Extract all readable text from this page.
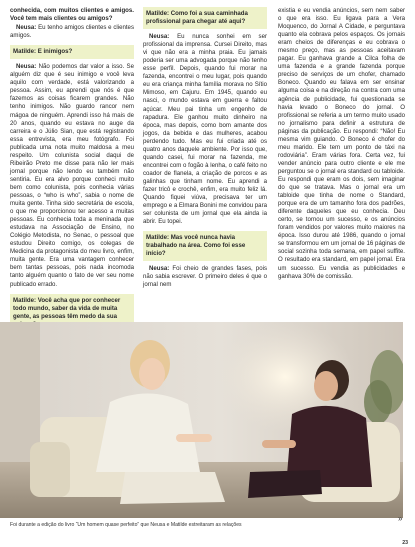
conhecida, com muitos clientes e amigos. Você tem mais clientes ou amigos?

Neusa: Eu tenho amigos clientes e clientes amigos.

Matilde: E inimigos?

Neusa: Não podemos dar valor a isso. Se alguém diz que é seu inimigo e você leva aquilo com verdade, está valorizando a pessoa. Assim, eu aprendi que nós é que fazemos as coisas ficarem grandes. Não tenho inimigos. Não guardo rancor nem mágoa de ninguém. Aprendi isso há mais de 20 anos, quando eu estava no auge da carreira e o Júlio Sian, que está registrando essa entrevista, era meu fotógrafo. Foi publicada uma nota muito maldosa a meu respeito. Um colunista social daqui de Ribeirão Preto me disse para não ler mais jornal porque não lendo eu também não sentiria. Eu era alvo porque conheci muito bem como colunista, pois conhecia várias pessoas, o “who is who”, sabia o nome de muita gente. Tinha sido secretária de escola, o que me proporcionou ter acesso a muitas pessoas. Eu conhecia toda a meninada que estudava na Associação de Ensino, no Colégio Metodista, no Senac, o pessoal que estudou Direito comigo, os colegas de Medicina da protagonista do meu livro, enfim, muita gente. Era uma vantagem conhecer bem tantas pessoas, pois nada incomoda tanto alguém quanto o fato de ver seu nome publicado errado.

Matilde: Você acha que por conhecer todo mundo, saber da vida de muita gente, as pessoas têm medo da sua

Matilde: Como foi a sua caminhada profissional para chegar até aqui?

Neusa: Eu nunca sonhei em ser profissional da imprensa. Cursei Direito, mas vi que não era a minha praia. Eu jamais poderia ser uma advogada porque não tenho esse perfil. Depois, quando fui morar na fazenda, encontrei o meu lugar, pois quando eu era criança minha família morava no Sítio Mimoso, em Cajuru. Em 1945, quando eu nasci, o mundo estava em guerra e faltou açúcar. Meu pai tinha um engenho de rapadura. Ele ganhou muito dinheiro na época, mas depois, como bom amante dos jogos, da bebida e das mulheres, acabou perdendo tudo. Mas eu fui criada até os quatro anos daquele ambiente. Por isso que, quando casei, fui morar na fazenda, me encontrei com o fogão à lenha, o café feito no coador de flanela, a criação de porcos e as galinhas que tinham nome. Eu aprendi a fazer tricô e crochê, enfim, era muito feliz lá. Quando fiquei viúva, precisava ter um emprego e a Elmara Bonini me convidou para ser colunista de um jornal que ela ainda ia abrir. Eu topei.

Matilde: Mas você nunca havia trabalhado na área. Como foi esse início?

Neusa: Foi cheio de grandes fases, pois não sabia escrever. O primeiro deles é que o jornal nem

existia e eu vendia anúncios, sem nem saber o que era isso. Eu ligava para a Vera Moquenco, do Jornal A Cidade, e perguntava quanto ela cobrava pelos espaços. Os jornais eram cheios de diferenças e eu cobrava o mesmo preço, mas as pessoas aceitavam pagar. Eu ganhava grande a Cilca folha de uma fazenda e a grande fazenda porque preciso de serviços de um chofer, chamado Boneco. Quando eu falava em ser ensinar alguma coisa e na direção na contra com uma agência de publicidade, fui questionada se havia levado o Boneco do jornal. O profissional se referia a um termo muito usado no jornalismo para definir a estrutura de páginas da publicação. Eu respondi: “Não! Eu mesma vim guiando. O Boneco é chofer do meu marido. Ele tem um ponto de táxi na rodoviária”. Eram várias fora. Certa vez, fui vender anúncio para outro cliente e ele me perguntou se o jornal era standard ou tabloide. Eu respondi que eram os dois, sem imaginar do que se tratava. Mas o jornal era um tabloide que tinha de nome o Standard, porque era de um tamanho fora dos padrões, diferente daqueles que eu conhecia. Deu certo, se tornou um sucesso, e os anúncios foram vendidos por valores muito maiores na época. Isso durou até 1986, quando o jornal se transformou em um jornal de 16 páginas de social sozinha toda semana, em papel suffite. O resultado era standard, em papel jornal. Era um sucesso. Eu vendia as publicidades e ganhava 30% de comissão.

Foi durante a edição do livro “Um homem quase perfeito” que Neusa e Matilde estreitaram as relações
»
23
